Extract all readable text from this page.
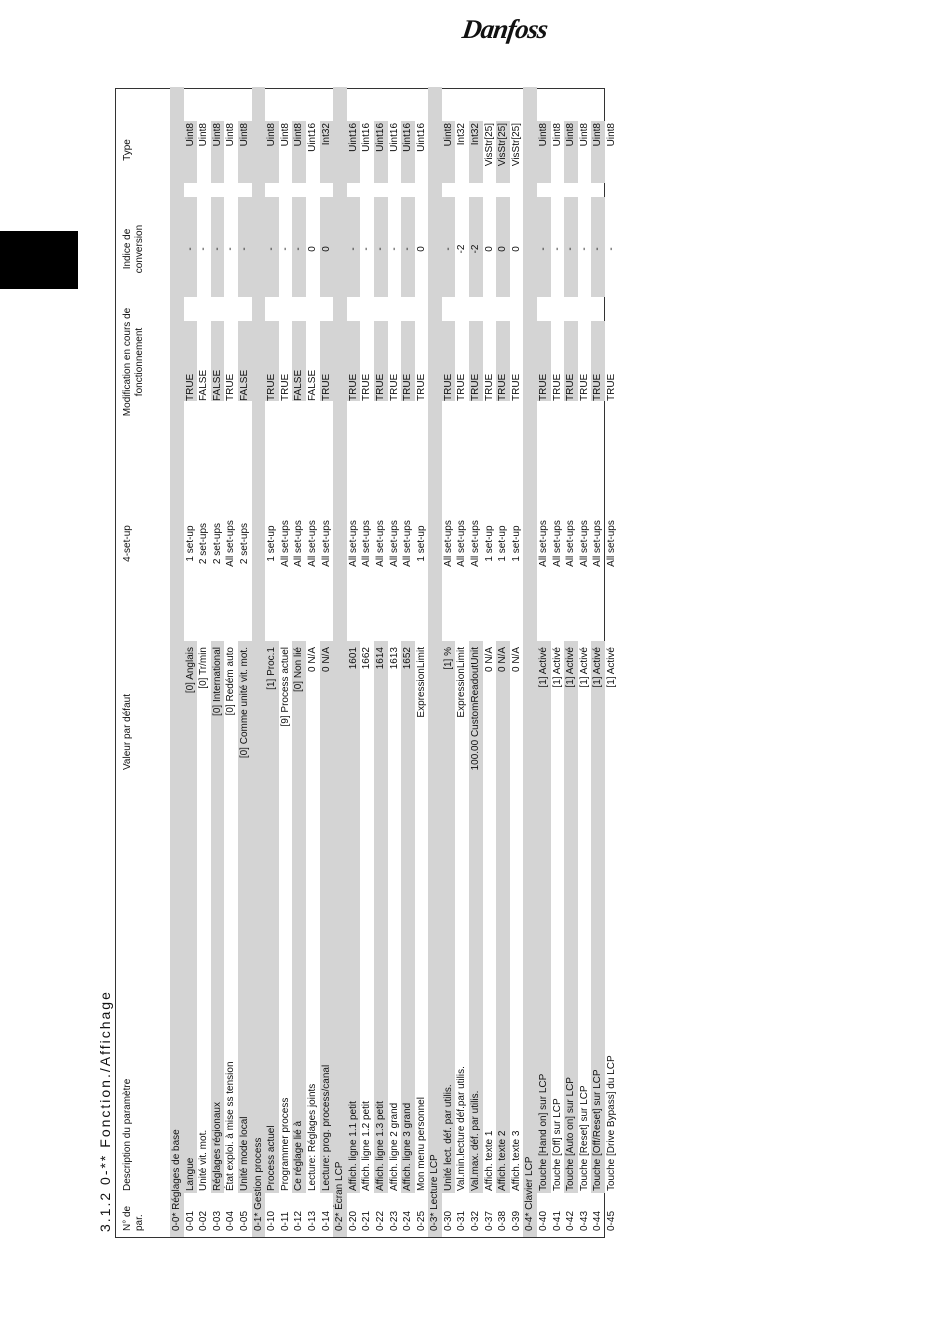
Danfoss
3.1.2 0-** Fonction./Affichage N° de par.
Description du paramètre
Valeur par défaut
4-set-up
Modification en cours de fonctionnement
Indice de conversion
Type
0-0* Réglages de base 0-01
Langue
[0] Anglais
1 set-up
TRUE
-
Uint8
0-02
Unité vit. mot.
[0] Tr/min
2 set-ups
FALSE
-
Uint8
0-03
Réglages régionaux
[0] International
2 set-ups
FALSE
-
Uint8
0-04
État exploi. à mise ss tension
[0] Redém auto
All set-ups
TRUE
-
Uint8
0-05
Unité mode local
[0] Comme unité vit. mot.
2 set-ups
FALSE
-
Uint8
0-1* Gestion process 0-10
Process actuel
[1] Proc.1
1 set-up
TRUE
-
Uint8
0-11
Programmer process
[9] Process actuel
All set-ups
TRUE
-
Uint8
0-12
Ce réglage lié à
[0] Non lié
All set-ups
FALSE
-
Uint8
0-13
Lecture: Réglages joints
0 N/A
All set-ups
FALSE
0
Uint16
0-14
Lecture: prog. process/canal
0 N/A
All set-ups
TRUE
0
Int32
0-2* Écran LCP 0-20
Affich. ligne 1.1 petit
1601
All set-ups
TRUE
-
Uint16
0-21
Affich. ligne 1.2 petit
1662
All set-ups
TRUE
-
Uint16
0-22
Affich. ligne 1.3 petit
1614
All set-ups
TRUE
-
Uint16
0-23
Affich. ligne 2 grand
1613
All set-ups
TRUE
-
Uint16
0-24
Affich. ligne 3 grand
1652
All set-ups
TRUE
-
Uint16
0-25
Mon menu personnel
ExpressionLimit
1 set-up
TRUE
0
Uint16
0-3* Lecture LCP 0-30
Unité lect. déf. par utilis.
[1] %
All set-ups
TRUE
-
Uint8
0-31
Val.min.lecture déf.par utilis.
ExpressionLimit
All set-ups
TRUE
-2
Int32
0-32
Val.max. déf. par utilis.
100.00 CustomReadoutUnit
All set-ups
TRUE
-2
Int32
0-37
Affich. texte 1
0 N/A
1 set-up
TRUE
0
VisStr[25]
0-38
Affich. texte 2
0 N/A
1 set-up
TRUE
0
VisStr[25]
0-39
Affich. texte 3
0 N/A
1 set-up
TRUE
0
VisStr[25]
0-4* Clavier LCP 0-40
Touche [Hand on] sur LCP
[1] Activé
All set-ups
TRUE
-
Uint8
0-41
Touche [Off] sur LCP
[1] Activé
All set-ups
TRUE
-
Uint8
0-42
Touche [Auto on] sur LCP
[1] Activé
All set-ups
TRUE
-
Uint8
0-43
Touche [Reset] sur LCP
[1] Activé
All set-ups
TRUE
-
Uint8
0-44
Touche [Off/Reset] sur LCP
[1] Activé
All set-ups
TRUE
-
Uint8
0-45
Touche [Drive Bypass] du LCP
[1] Activé
All set-ups
TRUE
-
Uint8
